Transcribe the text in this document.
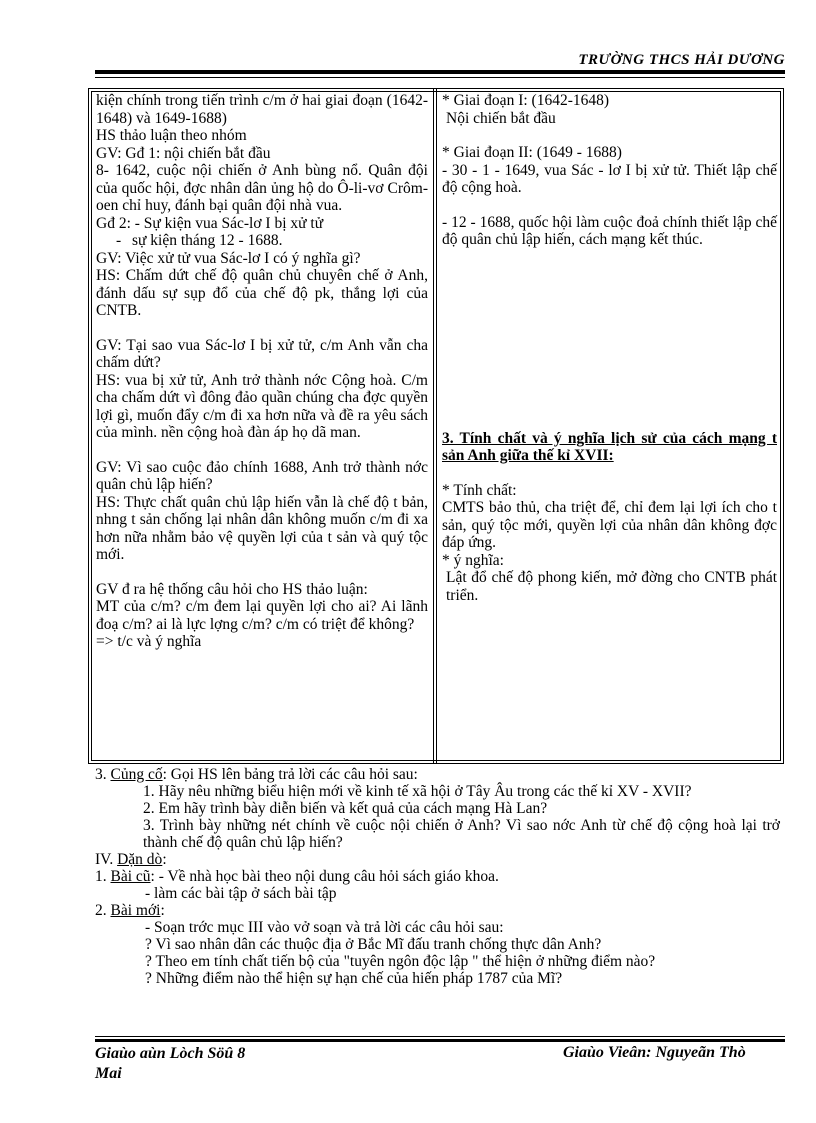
TRƯỜNG THCS HẢI DƯƠNG

kiện chính trong tiến trình c/m ở hai giai đoạn (1642-1648) và 1649-1688)

HS thảo luận theo nhóm

GV: Gđ 1: nội chiến bắt đầu

8- 1642, cuộc nội chiến ở Anh bùng nổ. Quân đội của quốc hội, đợc nhân dân ủng hộ do Ô-li-vơ Crôm-oen chỉ huy, đánh bại quân đội nhà vua.

Gđ 2: - Sự kiện vua Sác-lơ I bị xử tử

- sự kiện tháng 12 - 1688.

GV: Việc xử tử vua Sác-lơ I có ý nghĩa gì?

HS: Chấm dứt chế độ quân chủ chuyên chế ở Anh, đánh dấu sự sụp đổ của chế độ pk, thắng lợi của CNTB.

GV: Tại sao vua Sác-lơ I bị xử tử, c/m Anh vẫn cha chấm dứt?

HS: vua bị xử tử, Anh trở thành nớc Cộng hoà. C/m cha chấm dứt vì đông đảo quần chúng cha đợc quyền lợi gì, muốn đẩy c/m đi xa hơn nữa và đề ra yêu sách của mình. nền cộng hoà đàn áp họ dã man.

GV: Vì sao cuộc đảo chính 1688, Anh trở thành nớc quân chủ lập hiến?

HS: Thực chất quân chủ lập hiến vẫn là chế độ t bản, nhng t sản chống lại nhân dân không muốn c/m đi xa hơn nữa nhằm bảo vệ quyền lợi của t sản và quý tộc mới.

GV đ ra hệ thống câu hỏi cho HS thảo luận:

MT của c/m? c/m đem lại quyền lợi cho ai? Ai lãnh đoạ c/m? ai là lực lợng c/m? c/m có triệt để không?

=> t/c và ý nghĩa

* Giai đoạn I: (1642-1648)

Nội chiến bắt đầu

* Giai đoạn II: (1649 - 1688)

- 30 - 1 - 1649, vua Sác - lơ I bị xử tử. Thiết lập chế độ cộng hoà.

- 12 - 1688, quốc hội làm cuộc đoả chính thiết lập chế độ quân chủ lập hiến, cách mạng kết thúc.

3. Tính chất và ý nghĩa lịch sử của cách mạng t sản Anh giữa thế kỉ XVII:

* Tính chất:

CMTS bảo thủ, cha triệt để, chỉ đem lại lợi ích cho t sản, quý tộc mới, quyền lợi của nhân dân không đợc đáp ứng.

* ý nghĩa:

Lật đổ chế độ phong kiến, mở đờng cho CNTB phát triển.

3. Củng cố: Gọi HS lên bảng trả lời các câu hỏi sau:

1. Hãy nêu những biểu hiện mới về kinh tế xã hội ở Tây Âu trong các thế kỉ XV - XVII?

2. Em hãy trình bày diễn biến và kết quả của cách mạng Hà Lan?

3. Trình bày những nét chính về cuộc nội chiến ở Anh? Vì sao nớc Anh từ chế độ cộng hoà lại trở thành chế độ quân chủ lập hiến?

IV. Dặn dò:

1. Bài cũ: - Về nhà học bài theo nội dung câu hỏi sách giáo khoa.

- làm các bài tập ở sách bài tập

2. Bài mới:

- Soạn trớc mục III vào vở soạn và trả lời các câu hỏi sau:

? Vì sao nhân dân các thuộc địa ở Bắc Mĩ đấu tranh chống thực dân Anh?

? Theo em tính chất tiến bộ của "tuyên ngôn độc lập " thể hiện ở những điểm nào?

? Những điểm nào thể hiện sự hạn chế của hiến pháp 1787 của Mĩ?

Giaùo aùn Lòch Söû 8
Mai
Giaùo Vieân: Nguyeãn Thò
